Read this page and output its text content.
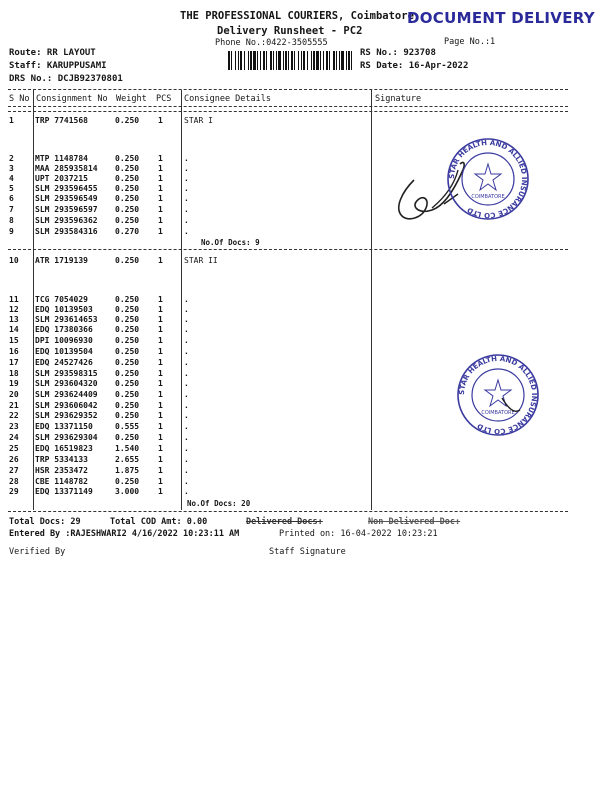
THE PROFESSIONAL COURIERS, Coimbatore
Delivery Runsheet - PC2
Phone No.:0422-3505555
DOCUMENT DELIVERY
Page No.:1
Route: RR LAYOUT
Staff: KARUPPUSAMI
DRS No.: DCJB92370801
RS No.: 923708
RS Date: 16-Apr-2022
S No Consignment No Weight PCS Consignee Details	Signature
1	TRP 7741568	0.250 1	STAR I
2	MTP 1148784	0.250 1	.
3	MAA 285935814 0.250 1	.
4	UPT 2037215	0.250 1	.
5	SLM 293596455 0.250 1	.
6	SLM 293596549 0.250 1	.
7	SLM 293596597 0.250 1	.
8	SLM 293596362 0.250 1	.
9	SLM 293584316 0.270 1	.
No.Of Docs: 9
10 ATR 1719139	0.250 1	STAR II
11 TCG 7054029	0.250 1	.
12 EDQ 10139503	0.250 1	.
13 SLM 293614653 0.250 1	.
14 EDQ 17380366	0.250 1	.
15 DPI 10096930	0.250 1	.
16 EDQ 10139504	0.250 1	.
17 EDQ 24527426	0.250 1	.
18 SLM 293598315 0.250 1	.
19 SLM 293604320 0.250 1	.
20 SLM 293624409 0.250 1	.
21 SLM 293606042 0.250 1	.
22 SLM 293629352 0.250 1	.
23 EDQ 13371150	0.555 1	.
24 SLM 293629304 0.250 1	.
25 EDQ 16519823	1.540 1	.
26 TRP 5334133	2.655 1	.
27 HSR 2353472	1.875 1	.
28 CBE 1148782	0.250 1	.
29 EDQ 13371149	3.000 1	.
No.Of Docs: 20
Total Docs: 29	Total COD Amt: 0.00	Delivered Docs:	Non Delivered Doc:
Entered By :RAJESHWARI2 4/16/2022 10:23:11 AM	Printed on: 16-04-2022 10:23:21
Verified By	Staff Signature
STAR HEALTH AND ALLIED INSURANCE CO LTD
COIMBATORE
STAR HEALTH AND ALLIED INSURANCE CO LTD
COIMBATORE
